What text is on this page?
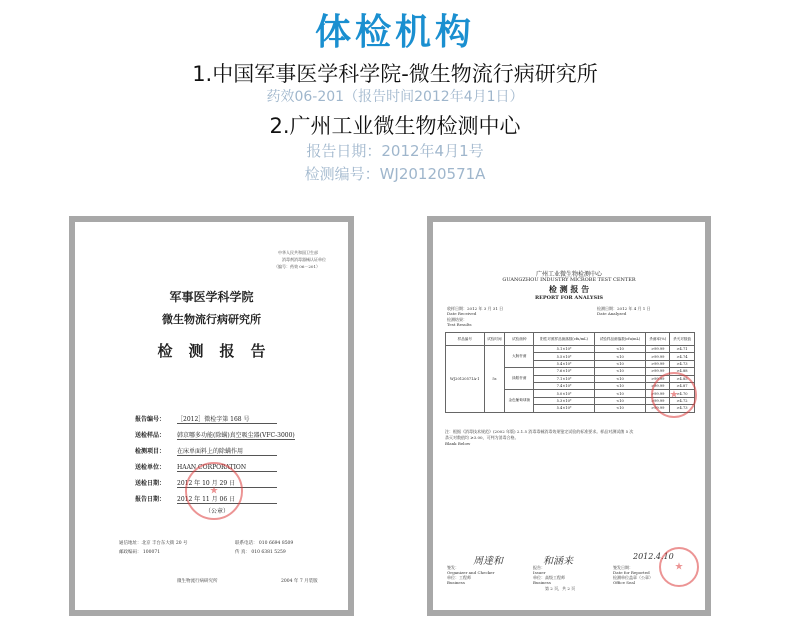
体检机构
1.中国军事医学科学院-微生物流行病研究所
药效06-201（报告时间2012年4月1日）
2.广州工业微生物检测中心
报告日期：2012年4月1号
检测编号：WJ20120571A
中华人民共和国卫生部
消毒剂消毒器械认证单位
（编号：药效 06－201）
军事医学科学院
微生物流行病研究所
检测报告
报告编号： ［2012］微检字第 168 号
送检样品： 韩京哪多功能(除螨)真空吸尘器(VFC-3000)
检测项目： 在床单面料上的除螨作用
送检单位： HAAN CORPORATION
送检日期： 2012 年 10 月 29 日
报告日期： 2012 年 11 月 06 日
（公章）
★
通信地址：北京 丰台东大街 20 号
邮政编码： 100071
联系电话： 010 6694 8509
传 真： 010 6381 5259
微生物流行病研究所	2004 年 7 月装版
广州工业微生物检测中心
GUANGZHOU INDUSTRY MICROBE TEST CENTER
检 测 报 告
REPORT FOR ANALYSIS
收样日期：2012 年 3 月 31 日
Date Received
检测日期：2012 年 4 月 1 日
Date Analyzed
检测结果：
Test Results
样品编号	试验时间	试验菌种	阳性对照样品菌落数(cfu/mL)	试验样品菌落数(cfu/mL)	杀菌率(%)	杀灭对数值
WJ20120571A-1	5s	大肠杆菌	5.1×10⁶	<10	>99.99	>4.71
			5.5×10⁶	<10	>99.99	>4.74
			5.4×10⁶	<10	>99.99	>4.73
		绿脓杆菌	7.6×10⁶	<10	>99.99	>4.88
			7.1×10⁶	<10	>99.99	>4.85
			7.4×10⁶	<10	>99.99	>4.87
		金色葡萄球菌	5.0×10⁶	<10	>99.99	>4.70
			5.3×10⁶	<10	>99.99	>4.72
			5.4×10⁶	<10	>99.99	>4.73
★
注：根据《消毒技术规范》(2002 年版) 2.1.5 消毒毒械消毒效果鉴定试验的标准要求。样品对测试菌 5 次
杀灭对数值均 ≥3.00，可判为消毒合格。
Blank Below
周達和	和涵来	2012.4.10
签发：
Organizer and Checker
单位：工程师
Business
报告：
Issuer
单位：高级工程师
Business
签发日期：
Date for Reported
检测单位盖章（公章）
Office Seal
★
第 2 页，共 2 页
